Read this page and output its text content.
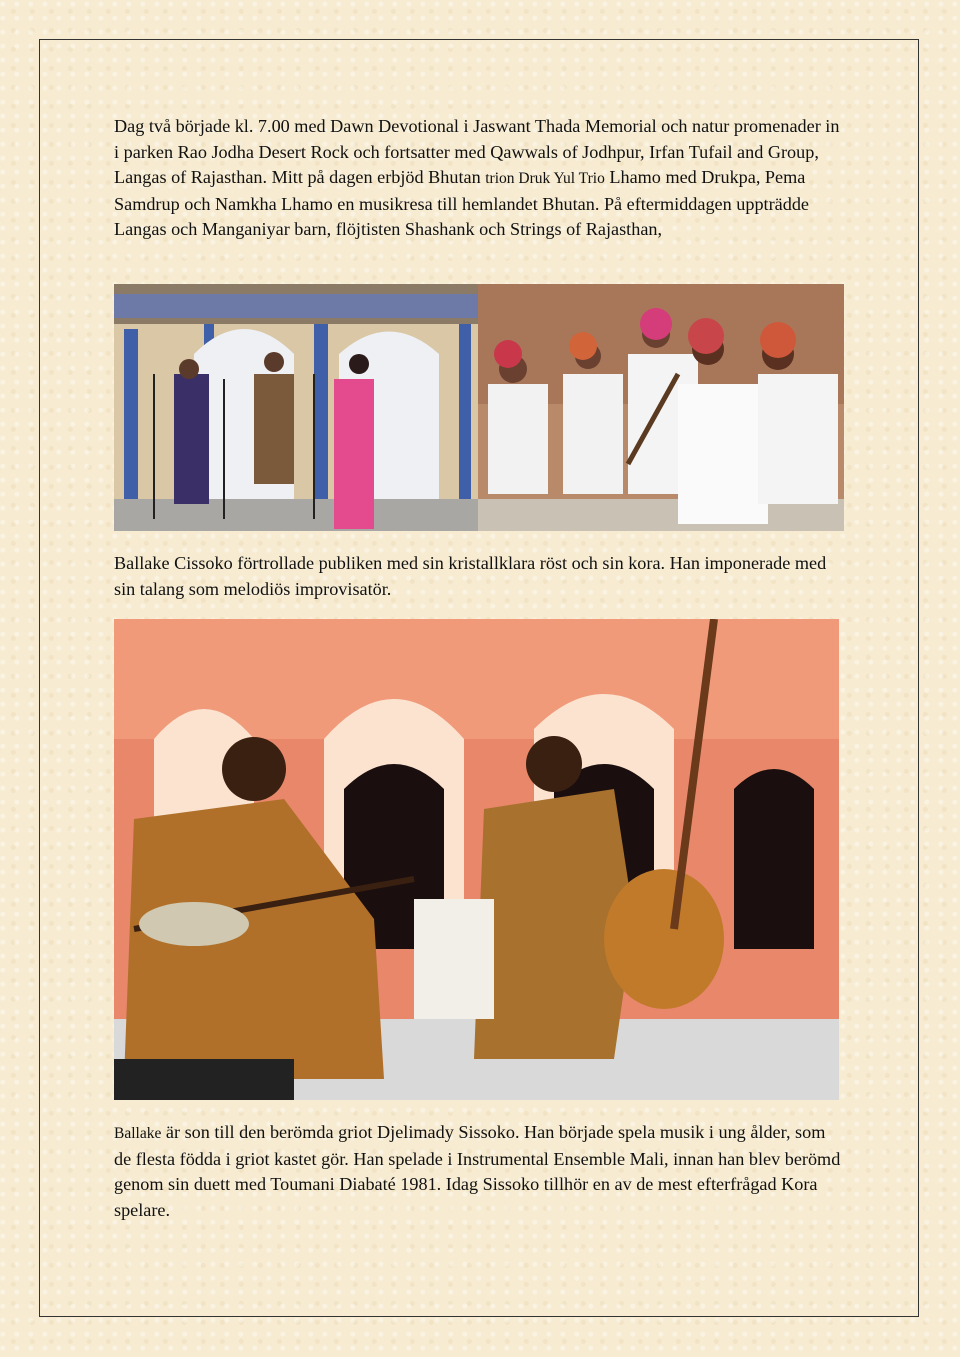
Dag två började kl. 7.00 med Dawn Devotional i Jaswant Thada Memorial och natur promenader in i parken Rao Jodha Desert Rock och fortsatter med Qawwals of Jodhpur, Irfan Tufail and Group, Langas of Rajasthan. Mitt på dagen erbjöd Bhutan trion Druk Yul Trio Lhamo med Drukpa, Pema Samdrup och Namkha Lhamo en musikresa till hemlandet Bhutan. På eftermiddagen uppträdde Langas och Manganiyar barn, flöjtisten Shashank och Strings of Rajasthan,

Ballake Cissoko förtrollade publiken med sin kristallklara röst och sin kora. Han imponerade med sin talang som melodiös improvisatör.

Ballake är son till den berömda griot Djelimady Sissoko. Han började spela musik i ung ålder, som de flesta födda i griot kastet gör. Han spelade i Instrumental Ensemble Mali, innan han blev berömd genom sin duett med Toumani Diabaté 1981. Idag Sissoko tillhör en av de mest efterfrågad Kora spelare.
